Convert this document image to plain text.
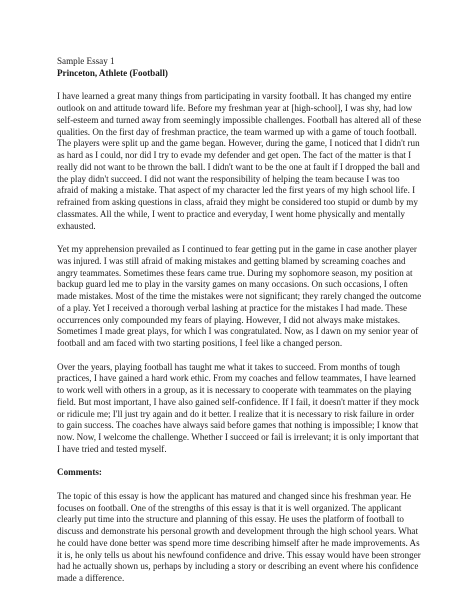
Sample Essay 1

Princeton, Athlete (Football)

I have learned a great many things from participating in varsity football. It has changed my entire outlook on and attitude toward life. Before my freshman year at [high-school], I was shy, had low self-esteem and turned away from seemingly impossible challenges. Football has altered all of these qualities. On the first day of freshman practice, the team warmed up with a game of touch football. The players were split up and the game began. However, during the game, I noticed that I didn't run as hard as I could, nor did I try to evade my defender and get open. The fact of the matter is that I really did not want to be thrown the ball. I didn't want to be the one at fault if I dropped the ball and the play didn't succeed. I did not want the responsibility of helping the team because I was too afraid of making a mistake. That aspect of my character led the first years of my high school life. I refrained from asking questions in class, afraid they might be considered too stupid or dumb by my classmates. All the while, I went to practice and everyday, I went home physically and mentally exhausted.

Yet my apprehension prevailed as I continued to fear getting put in the game in case another player was injured. I was still afraid of making mistakes and getting blamed by screaming coaches and angry teammates. Sometimes these fears came true. During my sophomore season, my position at backup guard led me to play in the varsity games on many occasions. On such occasions, I often made mistakes. Most of the time the mistakes were not significant; they rarely changed the outcome of a play. Yet I received a thorough verbal lashing at practice for the mistakes I had made. These occurrences only compounded my fears of playing. However, I did not always make mistakes. Sometimes I made great plays, for which I was congratulated. Now, as I dawn on my senior year of football and am faced with two starting positions, I feel like a changed person.

Over the years, playing football has taught me what it takes to succeed. From months of tough practices, I have gained a hard work ethic. From my coaches and fellow teammates, I have learned to work well with others in a group, as it is necessary to cooperate with teammates on the playing field. But most important, I have also gained self-confidence. If I fail, it doesn't matter if they mock or ridicule me; I'll just try again and do it better. I realize that it is necessary to risk failure in order to gain success. The coaches have always said before games that nothing is impossible; I know that now. Now, I welcome the challenge. Whether I succeed or fail is irrelevant; it is only important that I have tried and tested myself.

Comments:

The topic of this essay is how the applicant has matured and changed since his freshman year. He focuses on football. One of the strengths of this essay is that it is well organized. The applicant clearly put time into the structure and planning of this essay. He uses the platform of football to discuss and demonstrate his personal growth and development through the high school years. What he could have done better was spend more time describing himself after he made improvements. As it is, he only tells us about his newfound confidence and drive. This essay would have been stronger had he actually shown us, perhaps by including a story or describing an event where his confidence made a difference.
